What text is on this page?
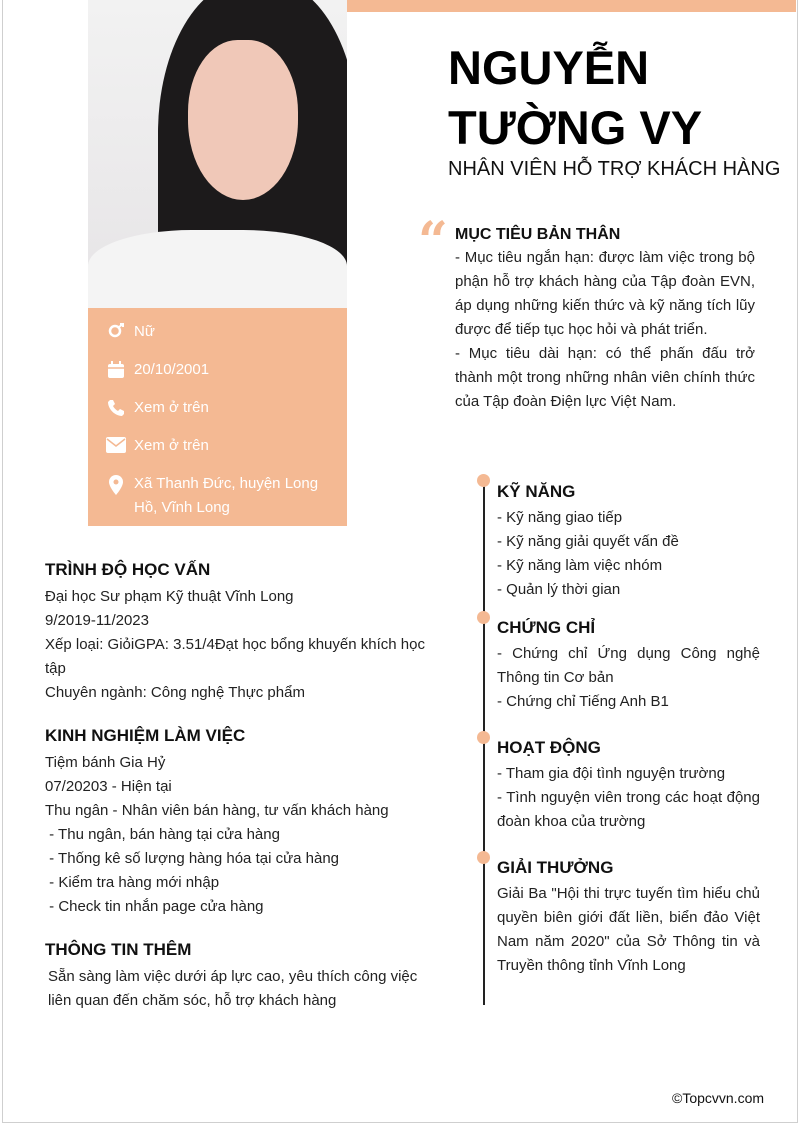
Nữ
20/10/2001
Xem ở trên
Xem ở trên
Xã Thanh Đức, huyện Long Hồ, Vĩnh Long
NGUYỄN
TƯỜNG VY
NHÂN VIÊN HỖ TRỢ KHÁCH HÀNG
“ MỤC TIÊU BẢN THÂN
- Mục tiêu ngắn hạn: được làm việc trong bộ phận hỗ trợ khách hàng của Tập đoàn EVN, áp dụng những kiến thức và kỹ năng tích lũy được để tiếp tục học hỏi và phát triển.
- Mục tiêu dài hạn: có thể phấn đấu trở thành một trong những nhân viên chính thức của Tập đoàn Điện lực Việt Nam.
TRÌNH ĐỘ HỌC VẤN
Đại học Sư phạm Kỹ thuật Vĩnh Long
9/2019-11/2023
Xếp loại: GiỏiGPA: 3.51/4Đạt học bổng khuyến khích học tập
Chuyên ngành: Công nghệ Thực phẩm
KINH NGHIỆM LÀM VIỆC
Tiệm bánh Gia Hỷ
07/20203 - Hiện tại
Thu ngân - Nhân viên bán hàng, tư vấn khách hàng
- Thu ngân, bán hàng tại cửa hàng
- Thống kê số lượng hàng hóa tại cửa hàng
- Kiểm tra hàng mới nhập
- Check tin nhắn page cửa hàng
THÔNG TIN THÊM
Sẵn sàng làm việc dưới áp lực cao, yêu thích công việc liên quan đến chăm sóc, hỗ trợ khách hàng
KỸ NĂNG
- Kỹ năng giao tiếp
- Kỹ năng giải quyết vấn đề
- Kỹ năng làm việc nhóm
- Quản lý thời gian
CHỨNG CHỈ
- Chứng chỉ Ứng dụng Công nghệ Thông tin Cơ bản
- Chứng chỉ Tiếng Anh B1
HOẠT ĐỘNG
- Tham gia đội tình nguyện trường
- Tình nguyện viên trong các hoạt động đoàn khoa của trường
GIẢI THƯỞNG
Giải Ba "Hội thi trực tuyến tìm hiểu chủ quyền biên giới đất liền, biển đảo Việt Nam năm 2020" của Sở Thông tin và Truyền thông tỉnh Vĩnh Long
©Topcvvn.com
